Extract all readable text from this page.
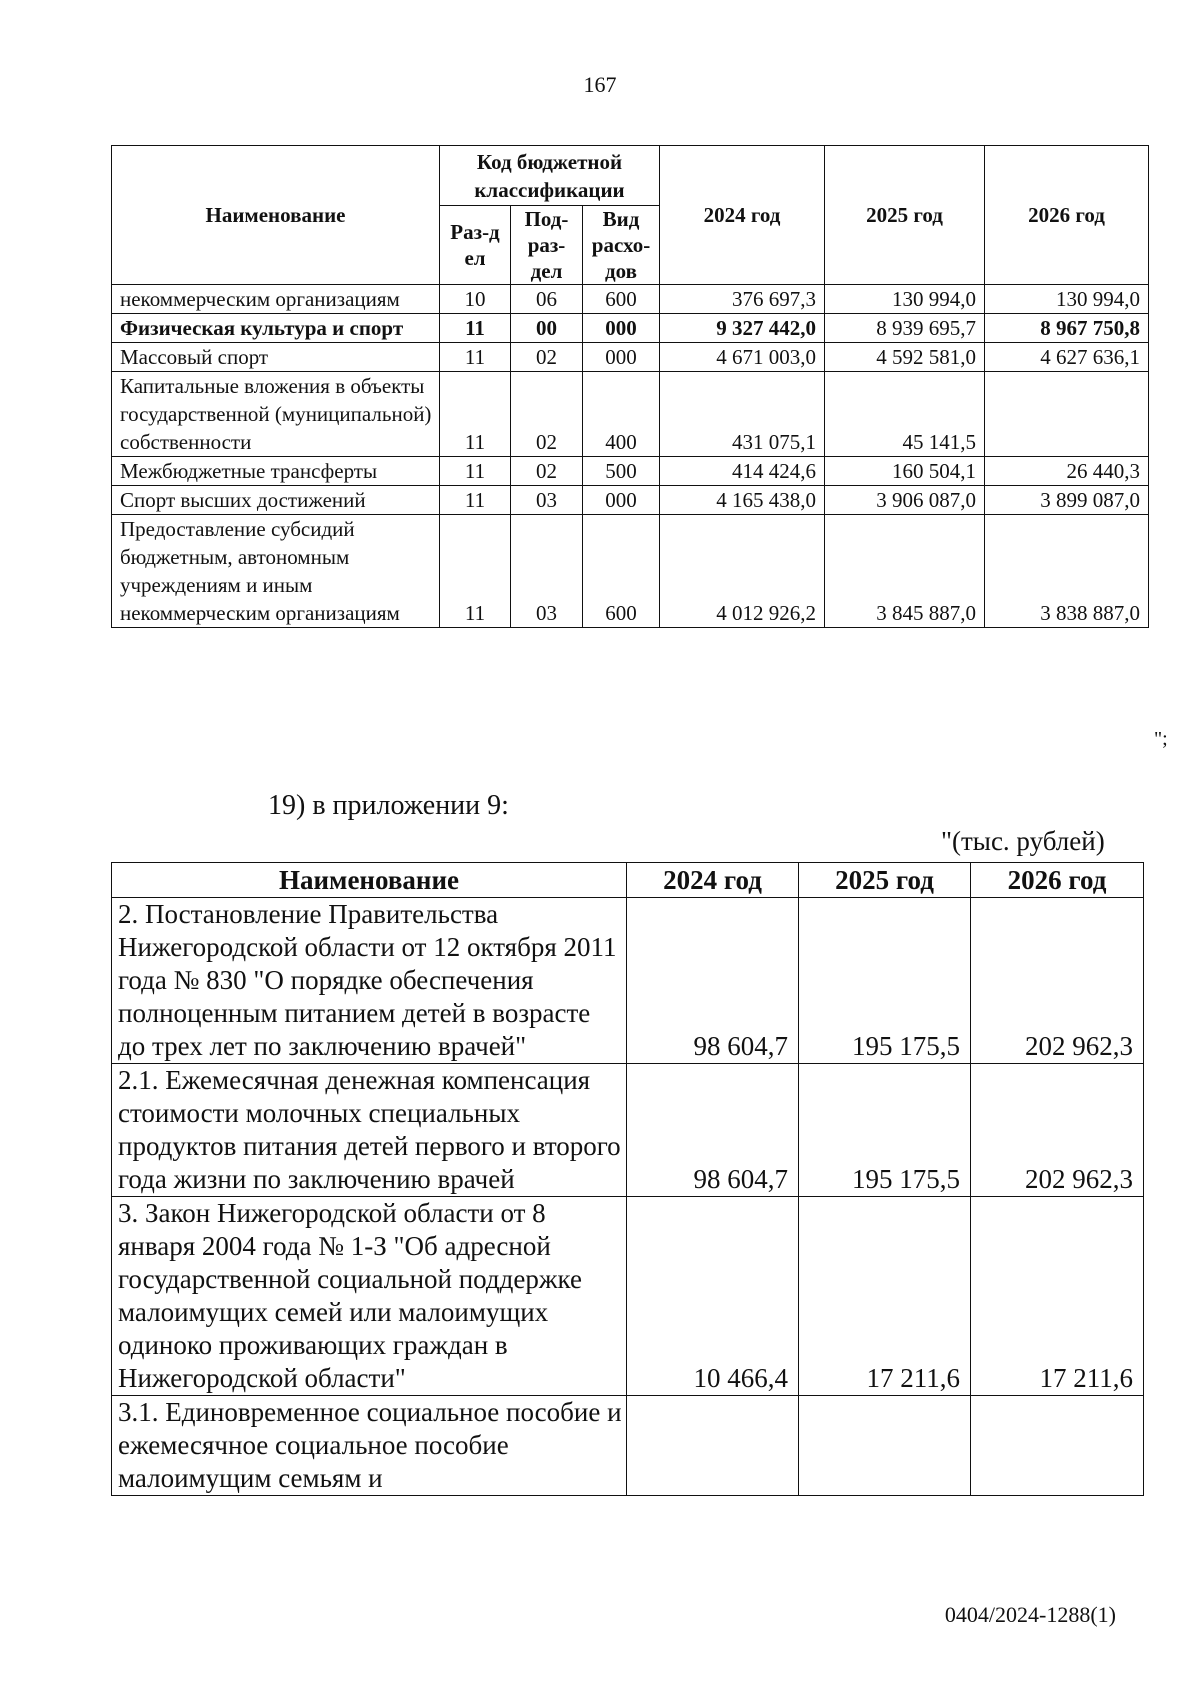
167
Наименование	Код бюджетной классификации			2024 год	2025 год	2026 год
	Раз-дел	Под-раз-дел	Вид расхо-дов			
некоммерческим организациям	10	06	600	376 697,3	130 994,0	130 994,0
Физическая культура и спорт	11	00	000	9 327 442,0	8 939 695,7	8 967 750,8
Массовый спорт	11	02	000	4 671 003,0	4 592 581,0	4 627 636,1
Капитальные вложения в объекты государственной (муниципальной) собственности	11	02	400	431 075,1	45 141,5	
Межбюджетные трансферты	11	02	500	414 424,6	160 504,1	26 440,3
Спорт высших достижений	11	03	000	4 165 438,0	3 906 087,0	3 899 087,0
Предоставление субсидий бюджетным, автономным учреждениям и иным некоммерческим организациям	11	03	600	4 012 926,2	3 845 887,0	3 838 887,0
";
19) в приложении 9:
"(тыс. рублей)
Наименование	2024 год	2025 год	2026 год
2. Постановление Правительства Нижегородской области от 12 октября 2011 года № 830 "О порядке обеспечения полноценным питанием детей в возрасте до трех лет по заключению врачей"	98 604,7	195 175,5	202 962,3
2.1. Ежемесячная денежная компенсация стоимости молочных специальных продуктов питания детей первого и второго года жизни по заключению врачей	98 604,7	195 175,5	202 962,3
3. Закон Нижегородской области от 8 января 2004 года № 1-З "Об адресной государственной социальной поддержке малоимущих семей или малоимущих одиноко проживающих граждан в Нижегородской области"	10 466,4	17 211,6	17 211,6
3.1. Единовременное социальное пособие и ежемесячное социальное пособие малоимущим семьям и			
0404/2024-1288(1)
